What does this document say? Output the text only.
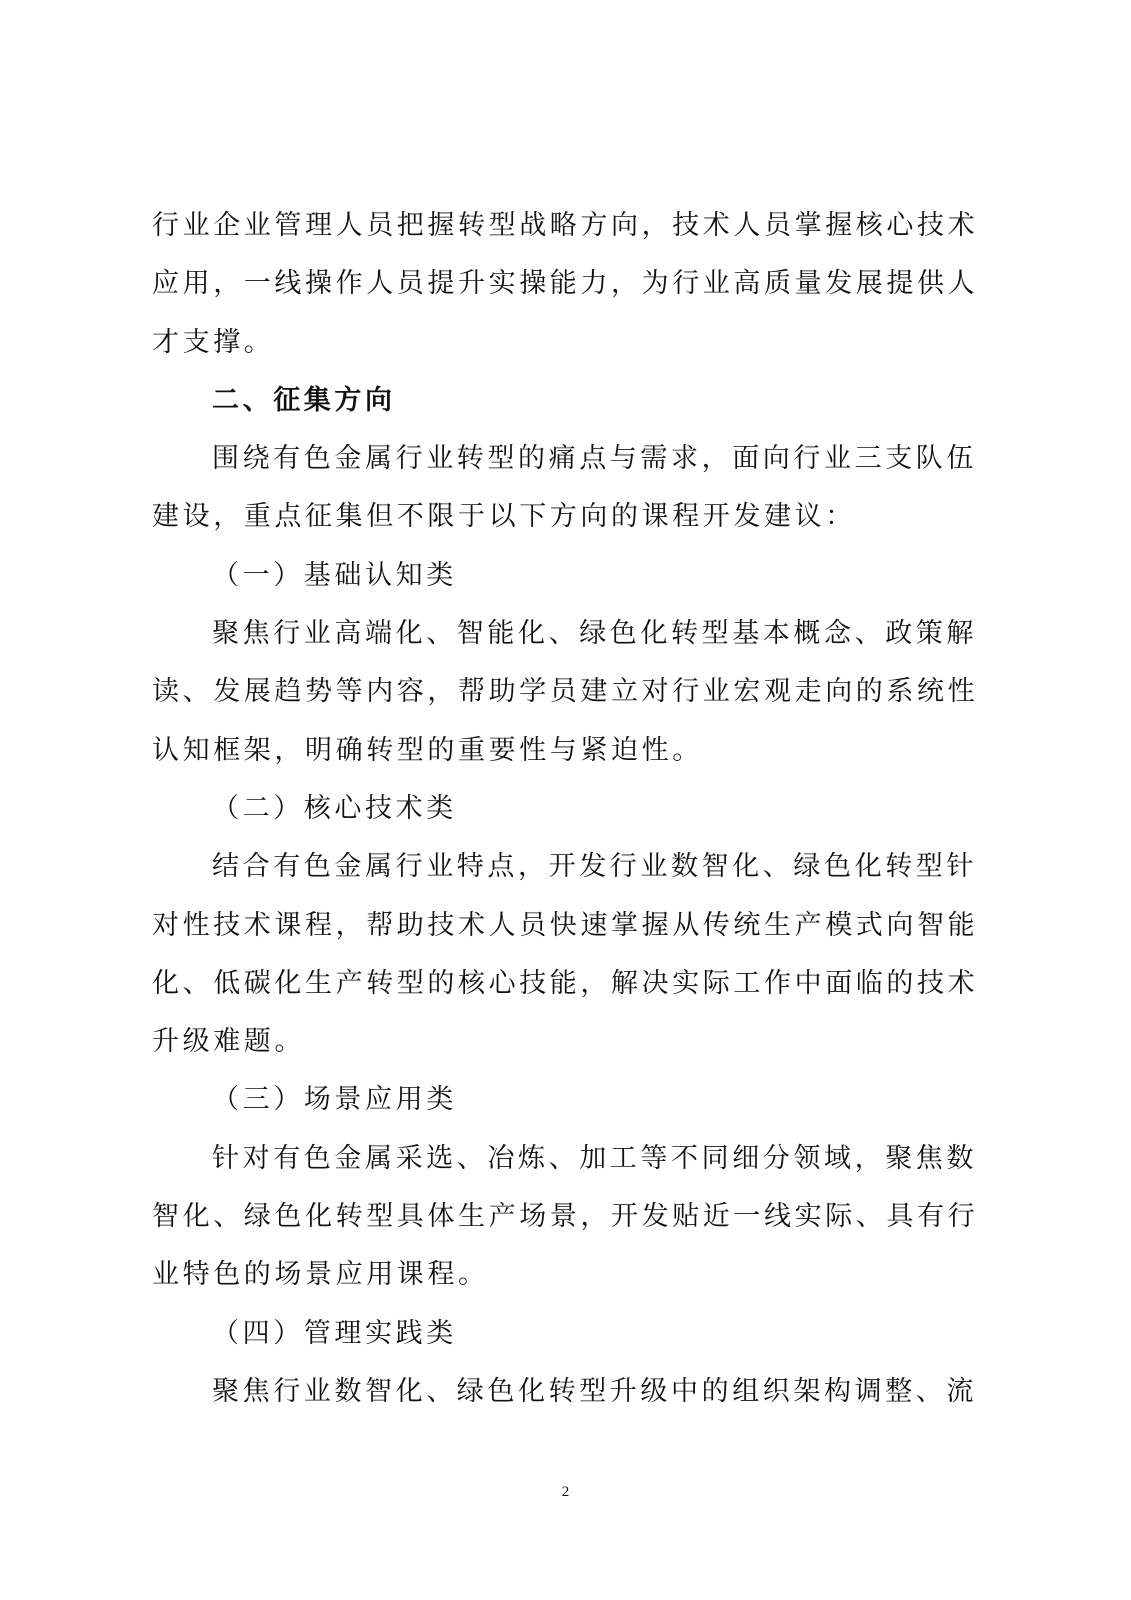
行业企业管理人员把握转型战略方向，技术人员掌握核心技术
应用，一线操作人员提升实操能力，为行业高质量发展提供人
才支撑。
二、征集方向
围绕有色金属行业转型的痛点与需求，面向行业三支队伍
建设，重点征集但不限于以下方向的课程开发建议：
（一）基础认知类
聚焦行业高端化、智能化、绿色化转型基本概念、政策解
读、发展趋势等内容，帮助学员建立对行业宏观走向的系统性
认知框架，明确转型的重要性与紧迫性。
（二）核心技术类
结合有色金属行业特点，开发行业数智化、绿色化转型针
对性技术课程，帮助技术人员快速掌握从传统生产模式向智能
化、低碳化生产转型的核心技能，解决实际工作中面临的技术
升级难题。
（三）场景应用类
针对有色金属采选、冶炼、加工等不同细分领域，聚焦数
智化、绿色化转型具体生产场景，开发贴近一线实际、具有行
业特色的场景应用课程。
（四）管理实践类
聚焦行业数智化、绿色化转型升级中的组织架构调整、流
2
